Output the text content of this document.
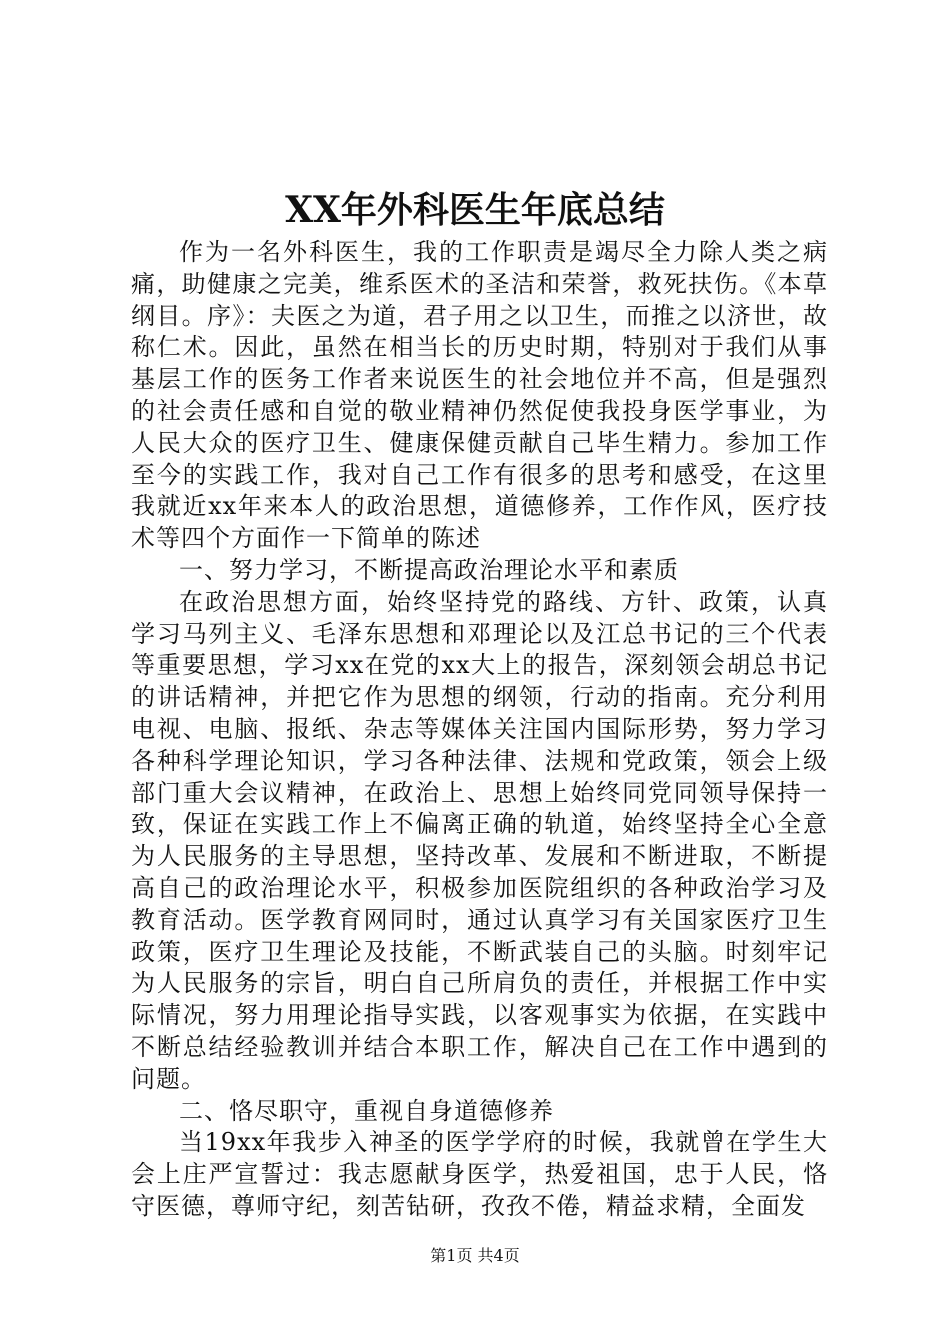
XX年外科医生年底总结

作为一名外科医生，我的工作职责是竭尽全力除人类之病痛，助健康之完美，维系医术的圣洁和荣誉，救死扶伤。《本草纲目。序》：夫医之为道，君子用之以卫生，而推之以济世，故称仁术。因此，虽然在相当长的历史时期，特别对于我们从事基层工作的医务工作者来说医生的社会地位并不高，但是强烈的社会责任感和自觉的敬业精神仍然促使我投身医学事业，为人民大众的医疗卫生、健康保健贡献自己毕生精力。参加工作至今的实践工作，我对自己工作有很多的思考和感受，在这里我就近xx年来本人的政治思想，道德修养，工作作风，医疗技术等四个方面作一下简单的陈述

一、努力学习，不断提高政治理论水平和素质

在政治思想方面，始终坚持党的路线、方针、政策，认真学习马列主义、毛泽东思想和邓理论以及江总书记的三个代表等重要思想，学习xx在党的xx大上的报告，深刻领会胡总书记的讲话精神，并把它作为思想的纲领，行动的指南。充分利用电视、电脑、报纸、杂志等媒体关注国内国际形势，努力学习各种科学理论知识，学习各种法律、法规和党政策，领会上级部门重大会议精神，在政治上、思想上始终同党同领导保持一致，保证在实践工作上不偏离正确的轨道，始终坚持全心全意为人民服务的主导思想，坚持改革、发展和不断进取，不断提高自己的政治理论水平，积极参加医院组织的各种政治学习及教育活动。医学教育网同时，通过认真学习有关国家医疗卫生政策，医疗卫生理论及技能，不断武装自己的头脑。时刻牢记为人民服务的宗旨，明白自己所肩负的责任，并根据工作中实际情况，努力用理论指导实践，以客观事实为依据，在实践中不断总结经验教训并结合本职工作，解决自己在工作中遇到的问题。

二、恪尽职守，重视自身道德修养

当19xx年我步入神圣的医学学府的时候，我就曾在学生大会上庄严宣誓过：我志愿献身医学，热爱祖国，忠于人民，恪守医德，尊师守纪，刻苦钻研，孜孜不倦，精益求精，全面发

第1页 共4页
